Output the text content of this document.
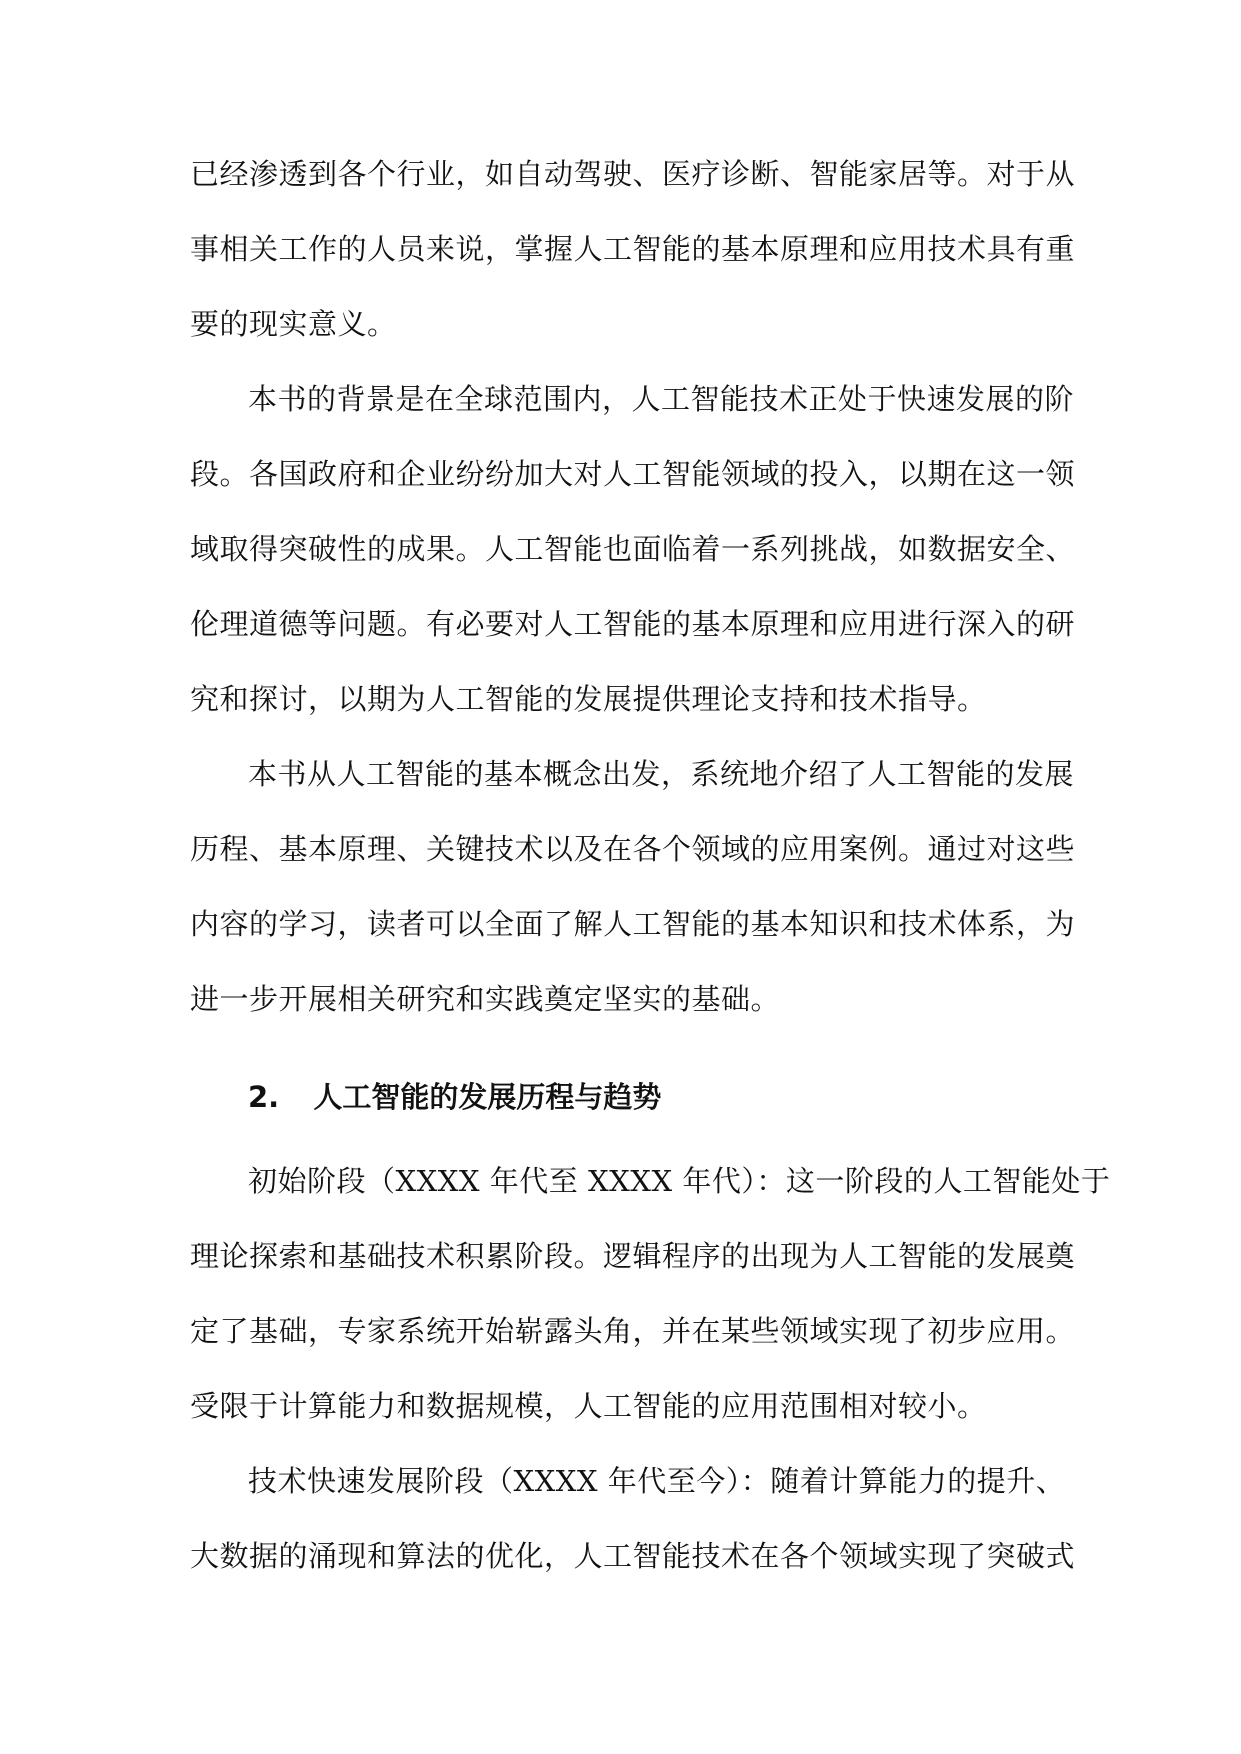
已经渗透到各个行业，如自动驾驶、医疗诊断、智能家居等。对于从
事相关工作的人员来说，掌握人工智能的基本原理和应用技术具有重
要的现实意义。
本书的背景是在全球范围内，人工智能技术正处于快速发展的阶
段。各国政府和企业纷纷加大对人工智能领域的投入，以期在这一领
域取得突破性的成果。人工智能也面临着一系列挑战，如数据安全、
伦理道德等问题。有必要对人工智能的基本原理和应用进行深入的研
究和探讨，以期为人工智能的发展提供理论支持和技术指导。
本书从人工智能的基本概念出发，系统地介绍了人工智能的发展
历程、基本原理、关键技术以及在各个领域的应用案例。通过对这些
内容的学习，读者可以全面了解人工智能的基本知识和技术体系，为
进一步开展相关研究和实践奠定坚实的基础。
2. 人工智能的发展历程与趋势
初始阶段（XXXX 年代至 XXXX 年代）：这一阶段的人工智能处于
理论探索和基础技术积累阶段。逻辑程序的出现为人工智能的发展奠
定了基础，专家系统开始崭露头角，并在某些领域实现了初步应用。
受限于计算能力和数据规模，人工智能的应用范围相对较小。
技术快速发展阶段（XXXX 年代至今）：随着计算能力的提升、
大数据的涌现和算法的优化，人工智能技术在各个领域实现了突破式
